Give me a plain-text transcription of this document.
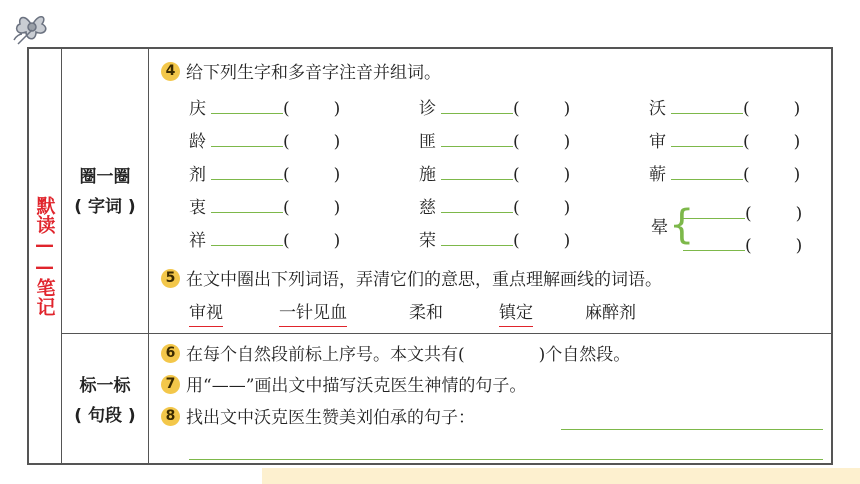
默读——笔记
圈一圈
( 字词 )
标一标
( 句段 )
4 给下列生字和多音字注音并组词。
庆	(	)	诊	(	)	沃	(	)
龄	(	)	匪	(	)	审	(	)
剂	(	)	施	(	)	蕲	(	)
衷	(	)	慈	(	)
祥	(	)	荣	(	)
晕 {	(	)
(	)
5 在文中圈出下列词语，弄清它们的意思，重点理解画线的词语。
审视	一针见血	柔和	镇定	麻醉剂
6 在每个自然段前标上序号。本文共有(	)个自然段。
7 用“——”画出文中描写沃克医生神情的句子。
8 找出文中沃克医生赞美刘伯承的句子：
